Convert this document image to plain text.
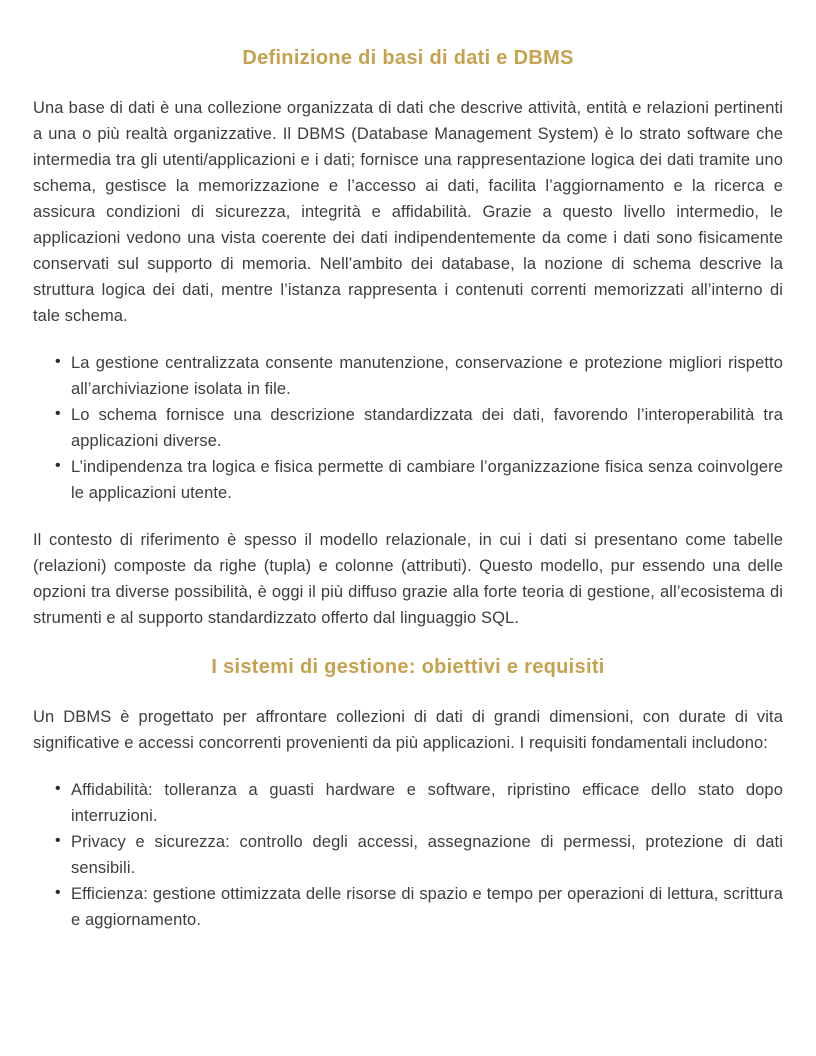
Definizione di basi di dati e DBMS

Una base di dati è una collezione organizzata di dati che descrive attività, entità e relazioni pertinenti a una o più realtà organizzative. Il DBMS (Database Management System) è lo strato software che intermedia tra gli utenti/applicazioni e i dati; fornisce una rappresentazione logica dei dati tramite uno schema, gestisce la memorizzazione e l’accesso ai dati, facilita l’aggiornamento e la ricerca e assicura condizioni di sicurezza, integrità e affidabilità. Grazie a questo livello intermedio, le applicazioni vedono una vista coerente dei dati indipendentemente da come i dati sono fisicamente conservati sul supporto di memoria. Nell’ambito dei database, la nozione di schema descrive la struttura logica dei dati, mentre l’istanza rappresenta i contenuti correnti memorizzati all’interno di tale schema.

• La gestione centralizzata consente manutenzione, conservazione e protezione migliori rispetto all’archiviazione isolata in file.
• Lo schema fornisce una descrizione standardizzata dei dati, favorendo l’interoperabilità tra applicazioni diverse.
• L’indipendenza tra logica e fisica permette di cambiare l’organizzazione fisica senza coinvolgere le applicazioni utente.

Il contesto di riferimento è spesso il modello relazionale, in cui i dati si presentano come tabelle (relazioni) composte da righe (tupla) e colonne (attributi). Questo modello, pur essendo una delle opzioni tra diverse possibilità, è oggi il più diffuso grazie alla forte teoria di gestione, all’ecosistema di strumenti e al supporto standardizzato offerto dal linguaggio SQL.

I sistemi di gestione: obiettivi e requisiti

Un DBMS è progettato per affrontare collezioni di dati di grandi dimensioni, con durate di vita significative e accessi concorrenti provenienti da più applicazioni. I requisiti fondamentali includono:

• Affidabilità: tolleranza a guasti hardware e software, ripristino efficace dello stato dopo interruzioni.
• Privacy e sicurezza: controllo degli accessi, assegnazione di permessi, protezione di dati sensibili.
• Efficienza: gestione ottimizzata delle risorse di spazio e tempo per operazioni di lettura, scrittura e aggiornamento.
